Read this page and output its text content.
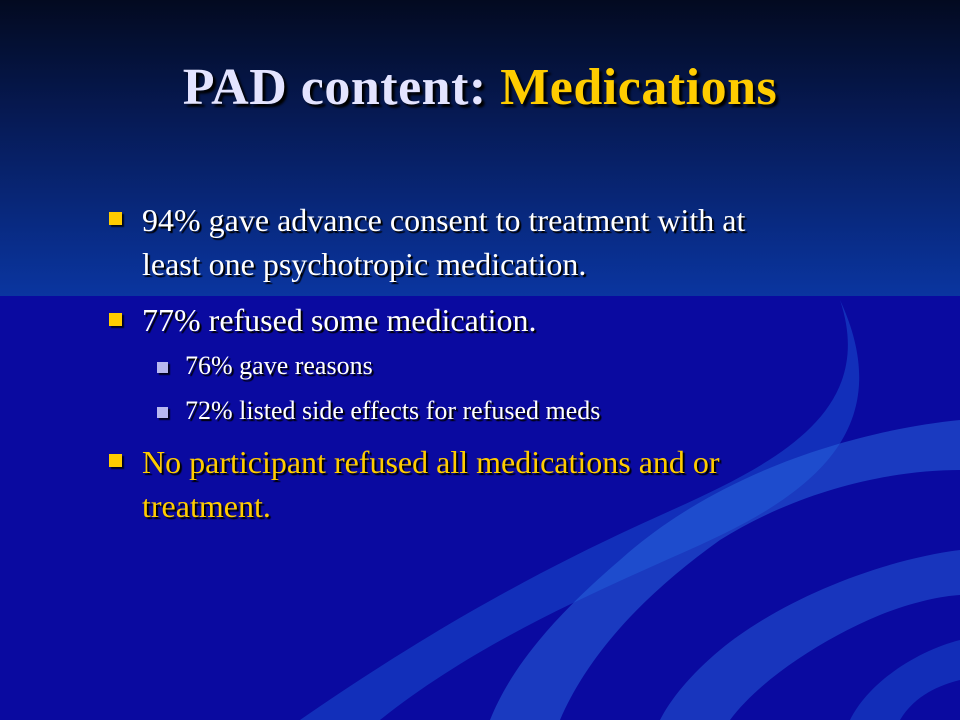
PAD content: Medications
94% gave advance consent to treatment with at
least one psychotropic medication.
77% refused some medication.
76% gave reasons
72% listed side effects for refused meds
No participant refused all medications and or
treatment.
